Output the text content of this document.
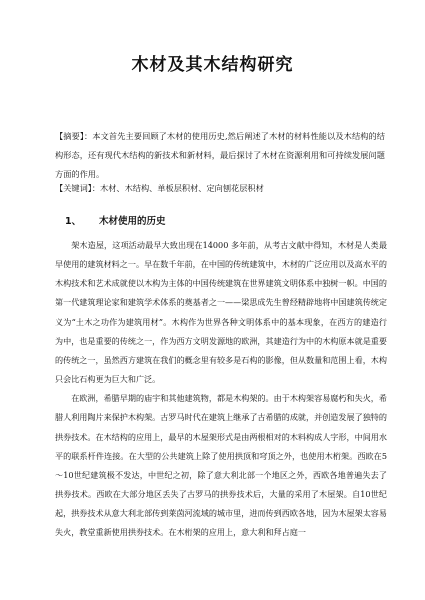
木材及其木结构研究
【摘要】：本文首先主要回顾了木材的使用历史,然后阐述了木材的材料性能以及木结构的结构形态，还有现代木结构的新技术和新材料，最后探讨了木材在资源利用和可持续发展问题方面的作用。
【关键词】：木材、木结构、单板层积材、定向刨花层积材
1、 木材使用的历史

架木造屋，这项活动最早大致出现在14000 多年前，从考古文献中得知，木材是人类最早使用的建筑材料之一。早在数千年前，在中国的传统建筑中，木材的广泛应用以及高水平的木构技术和艺术成就使以木构为主体的中国传统建筑在世界建筑文明体系中独树一帜。中国的第一代建筑理论家和建筑学术体系的奠基者之一——梁思成先生曾经精辟地将中国建筑传统定义为“土木之功作为建筑用材”。木构作为世界各种文明体系中的基本现象，在西方的建造行为中，也是重要的传统之一，作为西方文明发源地的欧洲，其建造行为中的木构原本就是重要的传统之一，虽然西方建筑在我们的概念里有较多是石构的影像，但从数量和范围上看，木构只会比石构更为巨大和广泛。

在欧洲，希腊早期的庙宇和其他建筑物，都是木构架的。由于木构架容易腐朽和失火，希腊人利用陶片来保护木构架。古罗马时代在建筑上继承了古希腊的成就，并创造发展了独特的拱券技术。在木结构的应用上，最早的木屋架形式是由两根相对的木料构成人字形，中间用水平的联系杆件连接。在大型的公共建筑上除了使用拱顶和穹顶之外，也使用木桁架。西欧在5～10世纪建筑极不发达，中世纪之初，除了意大利北部一个地区之外，西欧各地普遍失去了拱券技术。西欧在大部分地区丢失了古罗马的拱券技术后，大量的采用了木屋架。自10世纪起，拱券技术从意大利北部传到莱茵河流域的城市里，进而传到西欧各地，因为木屋架太容易失火，教堂重新使用拱券技术。在木桁架的应用上，意大利和拜占庭一
